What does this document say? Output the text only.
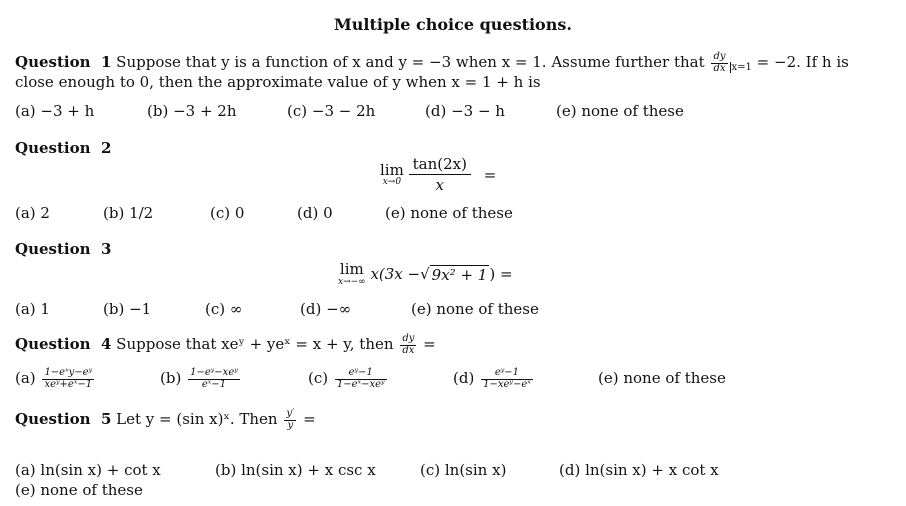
Multiple choice questions.
Question 1 Suppose that y is a function of x and y = −3 when x = 1. Assume further that $\frac{dy}{dx} _{x=1} = -2$. If h is
close enough to 0, then the approximate value of y when x = 1 + h is
(a) −3 + h	(b) −3 + 2h	(c) −3 − 2h	(d) −3 − h	(e) none of these
Question 2
lim
x→0
$\frac{\tan(2x)}{x}$ =
(a) 2	(b) 1/2	(c) 0	(d) 0	(e) none of these
Question 3
lim
x→−∞ x(3x −√ 9x² + 1 ) =
(a) 1	(b) −1	(c) ∞	(d) −∞	(e) none of these
Question 4 Suppose that xeʸ + yeˣ = x + y, then $\frac{dy}{dx}$ =
$(a) \frac{\text{1−eˣy−eʸ}}{\text{xeʸ+eˣ−1}}$	$(b) \frac{\text{1−eʸ−xeʸ}}{\text{eˣ−1}}$	$(c) \frac{\text{eʸ−1}}{\text{1−eˣ−xeʸ}}$	$(d) \frac{\text{eʸ−1}}{\text{1−xeʸ−eˣ}}$	(e) none of these
Question 5 Let y = (sin x)ˣ. Then $\frac{y'}{y}$ =
(a) ln(sin x) + cot x	(b) ln(sin x) + x csc x	(c) ln(sin x)	(d) ln(sin x) + x cot x
(e) none of these
